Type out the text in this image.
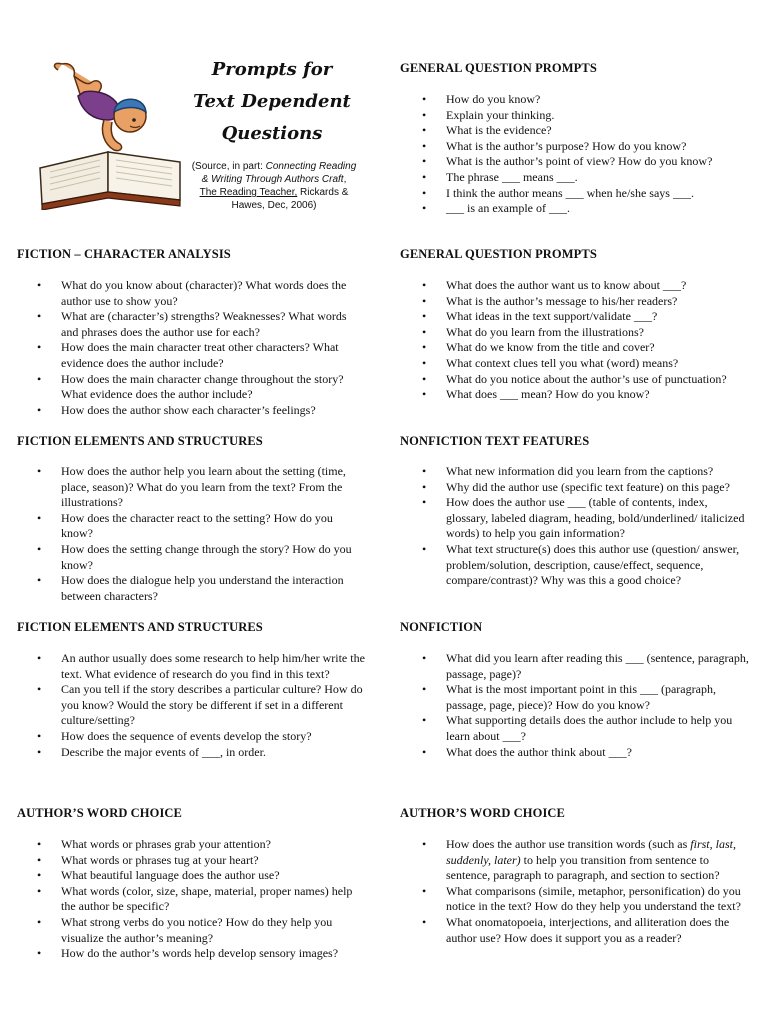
Prompts for
Text Dependent
Questions
(Source, in part: Connecting Reading & Writing Through Authors Craft,
The Reading Teacher, Rickards & Hawes, Dec, 2006)
FICTION – CHARACTER ANALYSIS
• What do you know about (character)? What words does the author use to show you?
• What are (character’s) strengths? Weaknesses? What words and phrases does the author use for each?
• How does the main character treat other characters? What evidence does the author include?
• How does the main character change throughout the story? What evidence does the author include?
• How does the author show each character’s feelings?
FICTION ELEMENTS AND STRUCTURES
• How does the author help you learn about the setting (time, place, season)? What do you learn from the text? From the illustrations?
• How does the character react to the setting? How do you know?
• How does the setting change through the story? How do you know?
• How does the dialogue help you understand the interaction between characters?
FICTION ELEMENTS AND STRUCTURES
• An author usually does some research to help him/her write the text. What evidence of research do you find in this text?
• Can you tell if the story describes a particular culture? How do you know? Would the story be different if set in a different culture/setting?
• How does the sequence of events develop the story?
• Describe the major events of ___, in order.
AUTHOR’S WORD CHOICE
• What words or phrases grab your attention?
• What words or phrases tug at your heart?
• What beautiful language does the author use?
• What words (color, size, shape, material, proper names) help the author be specific?
• What strong verbs do you notice? How do they help you visualize the author’s meaning?
• How do the author’s words help develop sensory images?
GENERAL QUESTION PROMPTS
• How do you know?
• Explain your thinking.
• What is the evidence?
• What is the author’s purpose? How do you know?
• What is the author’s point of view? How do you know?
• The phrase ___ means ___.
• I think the author means ___ when he/she says ___.
• ___ is an example of ___.
GENERAL QUESTION PROMPTS
• What does the author want us to know about ___?
• What is the author’s message to his/her readers?
• What ideas in the text support/validate ___?
• What do you learn from the illustrations?
• What do we know from the title and cover?
• What context clues tell you what (word) means?
• What do you notice about the author’s use of punctuation?
• What does ___ mean? How do you know?
NONFICTION TEXT FEATURES
• What new information did you learn from the captions?
• Why did the author use (specific text feature) on this page?
• How does the author use ___ (table of contents, index, glossary, labeled diagram, heading, bold/underlined/ italicized words) to help you gain information?
• What text structure(s) does this author use (question/ answer, problem/solution, description, cause/effect, sequence, compare/contrast)? Why was this a good choice?
NONFICTION
• What did you learn after reading this ___ (sentence, paragraph, passage, page)?
• What is the most important point in this ___ (paragraph, passage, page, piece)? How do you know?
• What supporting details does the author include to help you learn about ___?
• What does the author think about ___?
AUTHOR’S WORD CHOICE
• How does the author use transition words (such as first, last, suddenly, later) to help you transition from sentence to sentence, paragraph to paragraph, and section to section?
• What comparisons (simile, metaphor, personification) do you notice in the text? How do they help you understand the text?
• What onomatopoeia, interjections, and alliteration does the author use? How does it support you as a reader?
